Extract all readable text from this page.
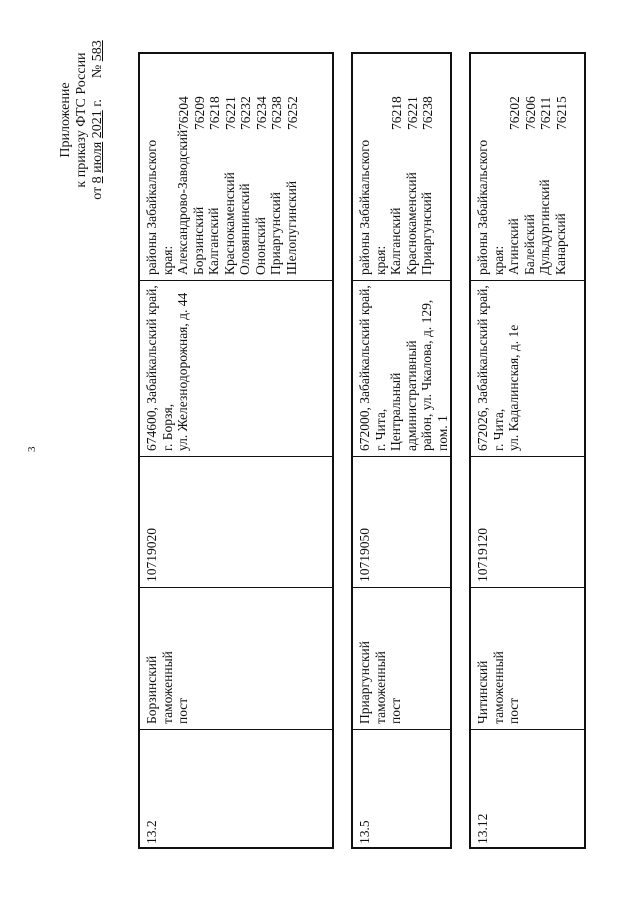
3
Приложение к приказу ФТС России
от 8 июля 2021 г.      № 583
13.2
Борзинский таможенный пост
10719020
674600, Забайкальский край, г. Борзя, ул. Железнодорожная, д. 44
районы Забайкальского края: Александрово-Заводский Борзинский Калганский Краснокаменский Оловяннинский Ононский Приаргунский Шелопугинский
76204 76209 76218 76221 76232 76234 76238 76252
13.5
Приаргунский таможенный пост
10719050
672000, Забайкальский край, г. Чита, Центральный административный район, ул. Чкалова, д. 129, пом. 1
районы Забайкальского края: Калганский Краснокаменский Приаргунский
76218 76221 76238
13.12
Читинский таможенный пост
10719120
672026, Забайкальский край, г. Чита, ул. Кадалинская, д. 1е
районы Забайкальского края: Агинский Балейский Дульдургинский Канарский
76202 76206 76211 76215
